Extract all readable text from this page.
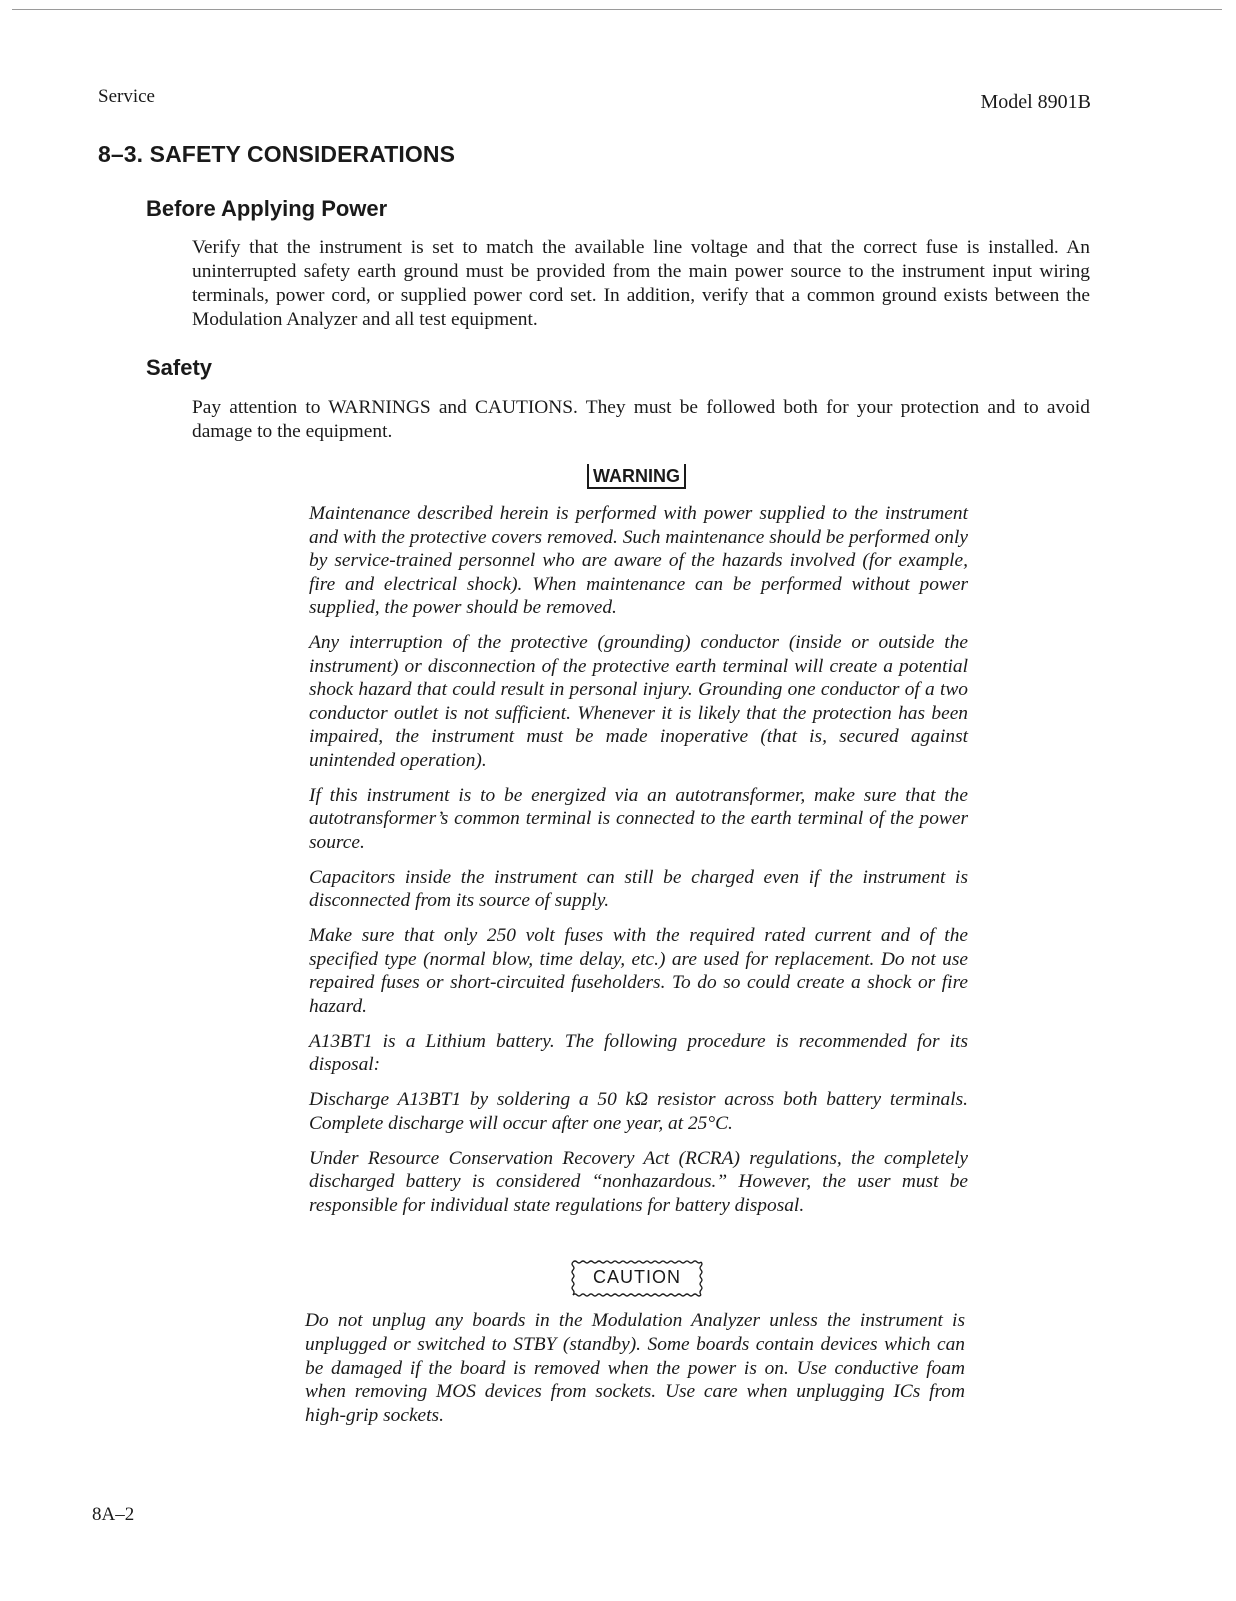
Service	Model 8901B
8–3. SAFETY CONSIDERATIONS
Before Applying Power

Verify that the instrument is set to match the available line voltage and that the correct fuse is installed. An uninterrupted safety earth ground must be provided from the main power source to the instrument input wiring terminals, power cord, or supplied power cord set. In addition, verify that a common ground exists between the Modulation Analyzer and all test equipment.

Safety

Pay attention to WARNINGS and CAUTIONS. They must be followed both for your protection and to avoid damage to the equipment.

WARNING

Maintenance described herein is performed with power supplied to the instrument and with the protective covers removed. Such maintenance should be performed only by service-trained personnel who are aware of the hazards involved (for example, fire and electrical shock). When maintenance can be performed without power supplied, the power should be removed.

Any interruption of the protective (grounding) conductor (inside or outside the instrument) or disconnection of the protective earth terminal will create a potential shock hazard that could result in personal injury. Grounding one conductor of a two conductor outlet is not sufficient. Whenever it is likely that the protection has been impaired, the instrument must be made inoperative (that is, secured against unintended operation).

If this instrument is to be energized via an autotransformer, make sure that the autotransformer’s common terminal is connected to the earth terminal of the power source.

Capacitors inside the instrument can still be charged even if the instrument is disconnected from its source of supply.

Make sure that only 250 volt fuses with the required rated current and of the specified type (normal blow, time delay, etc.) are used for replacement. Do not use repaired fuses or short-circuited fuseholders. To do so could create a shock or fire hazard.

A13BT1 is a Lithium battery. The following procedure is recommended for its disposal:

Discharge A13BT1 by soldering a 50 kΩ resistor across both battery terminals. Complete discharge will occur after one year, at 25°C.

Under Resource Conservation Recovery Act (RCRA) regulations, the completely discharged battery is considered “nonhazardous.” However, the user must be responsible for individual state regulations for battery disposal.

CAUTION

Do not unplug any boards in the Modulation Analyzer unless the instrument is unplugged or switched to STBY (standby). Some boards contain devices which can be damaged if the board is removed when the power is on. Use conductive foam when removing MOS devices from sockets. Use care when unplugging ICs from high-grip sockets.

8A–2
